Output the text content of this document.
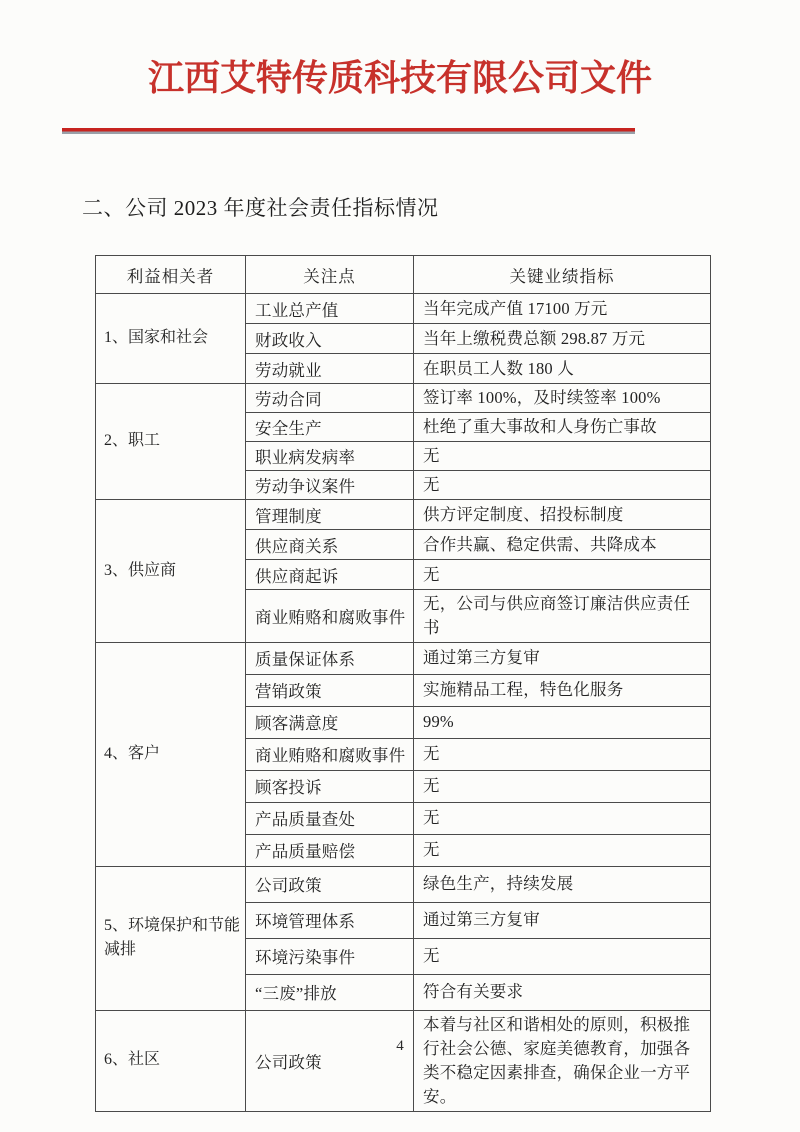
江西艾特传质科技有限公司文件
二、公司 2023 年度社会责任指标情况
利益相关者	关注点	关键业绩指标
1、国家和社会	工业总产值	当年完成产值 17100 万元
	财政收入	当年上缴税费总额 298.87 万元
	劳动就业	在职员工人数 180 人
2、职工	劳动合同	签订率 100%，及时续签率 100%
	安全生产	杜绝了重大事故和人身伤亡事故
	职业病发病率	无
	劳动争议案件	无
3、供应商	管理制度	供方评定制度、招投标制度
	供应商关系	合作共赢、稳定供需、共降成本
	供应商起诉	无
	商业贿赂和腐败事件	无，公司与供应商签订廉洁供应责任书
4、客户	质量保证体系	通过第三方复审
	营销政策	实施精品工程，特色化服务
	顾客满意度	99%
	商业贿赂和腐败事件	无
	顾客投诉	无
	产品质量查处	无
	产品质量赔偿	无
5、环境保护和节能减排	公司政策	绿色生产，持续发展
	环境管理体系	通过第三方复审
	环境污染事件	无
	“三废”排放	符合有关要求
6、社区	公司政策	本着与社区和谐相处的原则，积极推行社会公德、家庭美德教育，加强各类不稳定因素排查，确保企业一方平安。
4
